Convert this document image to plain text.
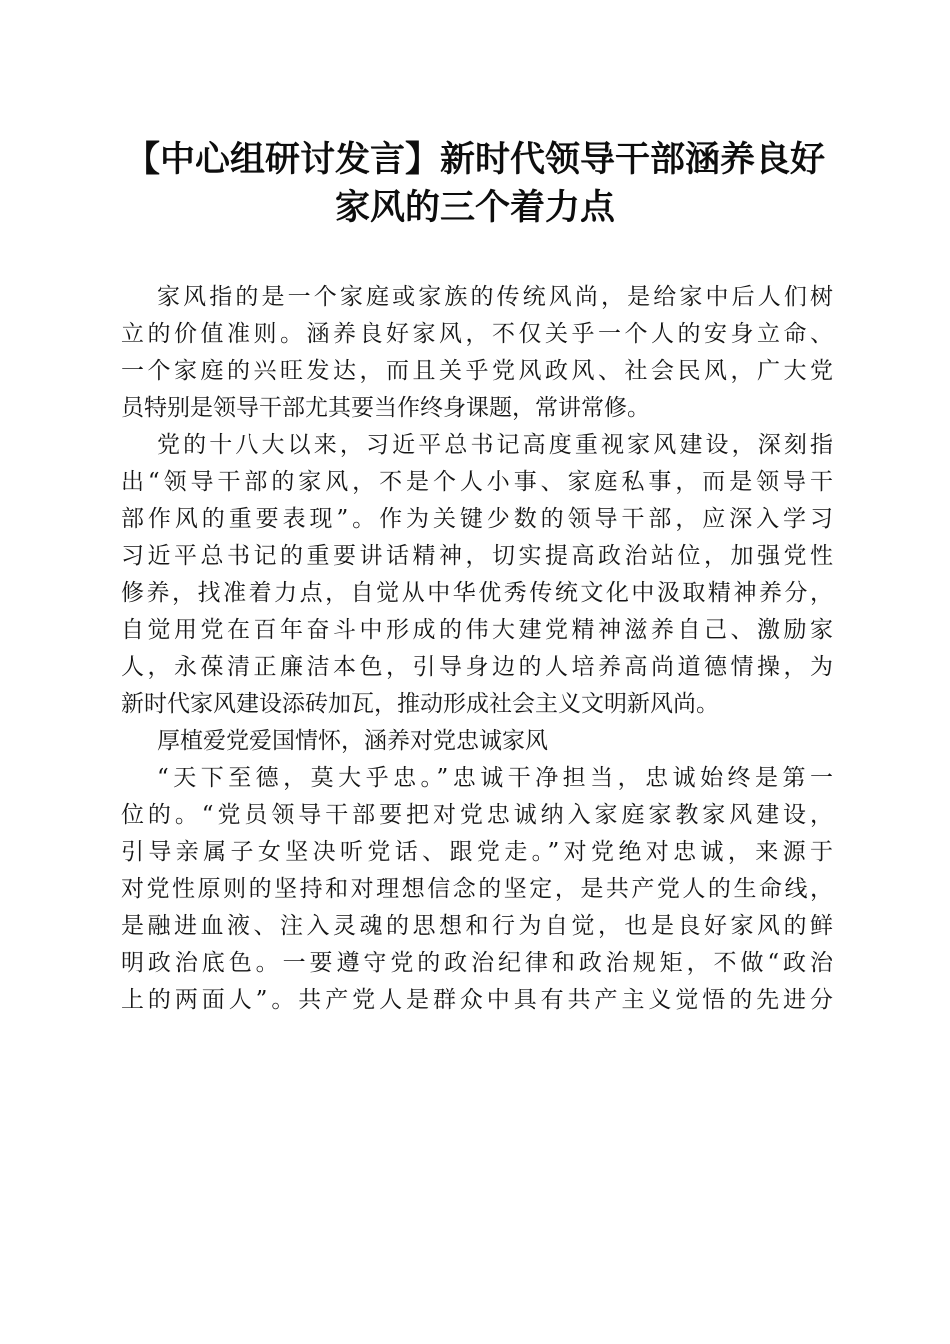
【中心组研讨发言】新时代领导干部涵养良好
家风的三个着力点
家风指的是一个家庭或家族的传统风尚，是给家中后人们树
立的价值准则。涵养良好家风，不仅关乎一个人的安身立命、
一个家庭的兴旺发达，而且关乎党风政风、社会民风，广大党
员特别是领导干部尤其要当作终身课题，常讲常修。
党的十八大以来，习近平总书记高度重视家风建设，深刻指
出“领导干部的家风，不是个人小事、家庭私事，而是领导干
部作风的重要表现”。作为关键少数的领导干部，应深入学习
习近平总书记的重要讲话精神，切实提高政治站位，加强党性
修养，找准着力点，自觉从中华优秀传统文化中汲取精神养分，
自觉用党在百年奋斗中形成的伟大建党精神滋养自己、激励家
人，永葆清正廉洁本色，引导身边的人培养高尚道德情操，为
新时代家风建设添砖加瓦，推动形成社会主义文明新风尚。
厚植爱党爱国情怀，涵养对党忠诚家风
“天下至德，莫大乎忠。”忠诚干净担当，忠诚始终是第一
位的。“党员领导干部要把对党忠诚纳入家庭家教家风建设，
引导亲属子女坚决听党话、跟党走。”对党绝对忠诚，来源于
对党性原则的坚持和对理想信念的坚定，是共产党人的生命线，
是融进血液、注入灵魂的思想和行为自觉，也是良好家风的鲜
明政治底色。一要遵守党的政治纪律和政治规矩，不做“政治
上的两面人”。共产党人是群众中具有共产主义觉悟的先进分
